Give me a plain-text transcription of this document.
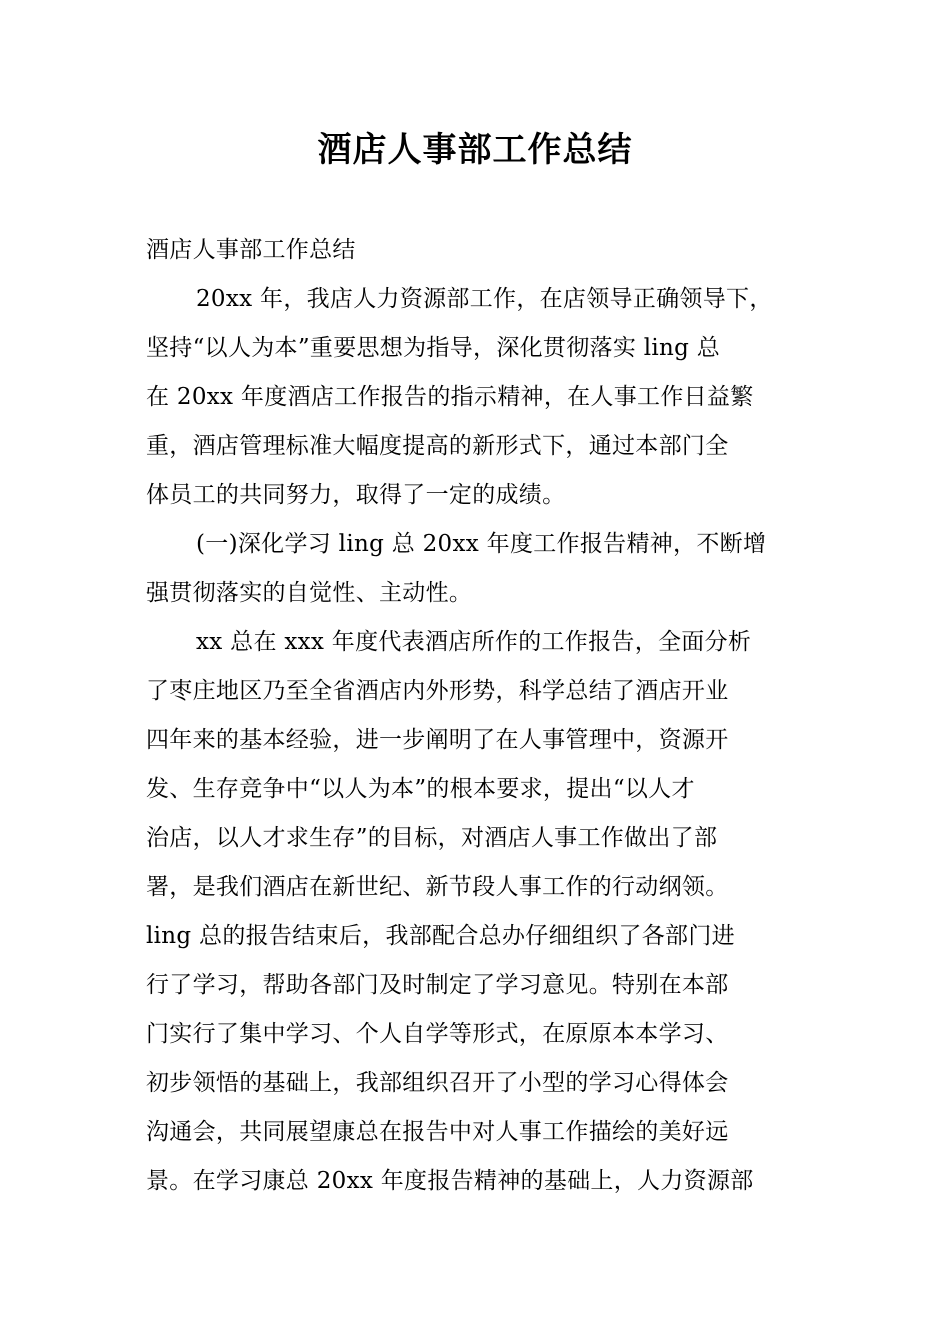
酒店人事部工作总结
酒店人事部工作总结
20xx 年，我店人力资源部工作，在店领导正确领导下，
坚持“以人为本”重要思想为指导，深化贯彻落实 ling 总
在 20xx 年度酒店工作报告的指示精神，在人事工作日益繁
重，酒店管理标准大幅度提高的新形式下，通过本部门全
体员工的共同努力，取得了一定的成绩。
(一)深化学习 ling 总 20xx 年度工作报告精神，不断增
强贯彻落实的自觉性、主动性。
xx 总在 xxx 年度代表酒店所作的工作报告，全面分析
了枣庄地区乃至全省酒店内外形势，科学总结了酒店开业
四年来的基本经验，进一步阐明了在人事管理中，资源开
发、生存竞争中“以人为本”的根本要求，提出“以人才
治店，以人才求生存”的目标，对酒店人事工作做出了部
署，是我们酒店在新世纪、新节段人事工作的行动纲领。
ling 总的报告结束后，我部配合总办仔细组织了各部门进
行了学习，帮助各部门及时制定了学习意见。特别在本部
门实行了集中学习、个人自学等形式，在原原本本学习、
初步领悟的基础上，我部组织召开了小型的学习心得体会
沟通会，共同展望康总在报告中对人事工作描绘的美好远
景。在学习康总 20xx 年度报告精神的基础上，人力资源部
